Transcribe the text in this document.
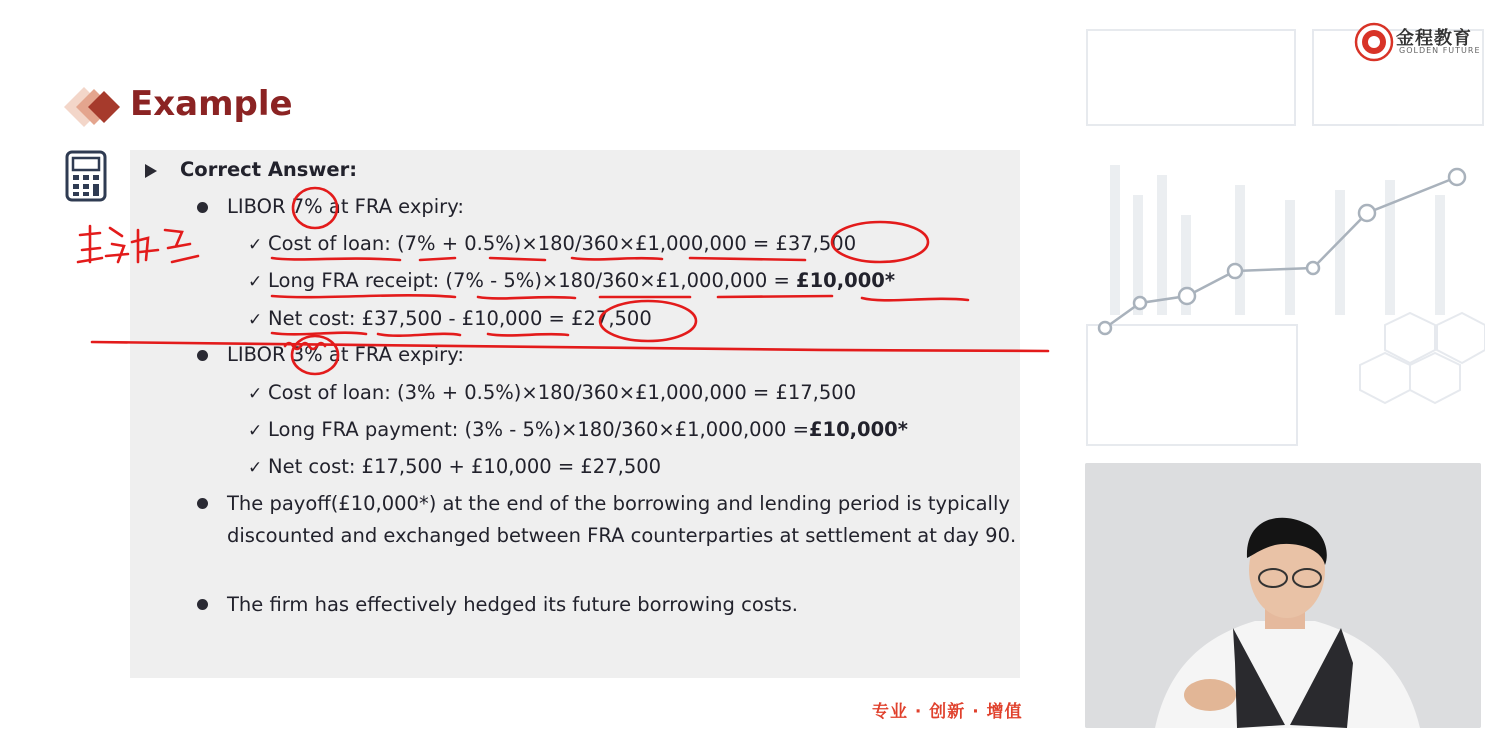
Example
Correct Answer:
LIBOR 7% at FRA expiry:
✓ Cost of loan: (7% + 0.5%)×180/360×£1,000,000 = £37,500
✓ Long FRA receipt: (7% - 5%)×180/360×£1,000,000 = £10,000*
✓ Net cost: £37,500 - £10,000 = £27,500
LIBOR 3% at FRA expiry:
✓ Cost of loan: (3% + 0.5%)×180/360×£1,000,000 = £17,500
✓ Long FRA payment: (3% - 5%)×180/360×£1,000,000 =£10,000*
✓ Net cost: £17,500 + £10,000 = £27,500
The payoff(£10,000*) at the end of the borrowing and lending period is typically discounted and exchanged between FRA counterparties at settlement at day 90.
The firm has effectively hedged its future borrowing costs.
金程教育
GOLDEN FUTURE
专业 · 创新 · 增值
